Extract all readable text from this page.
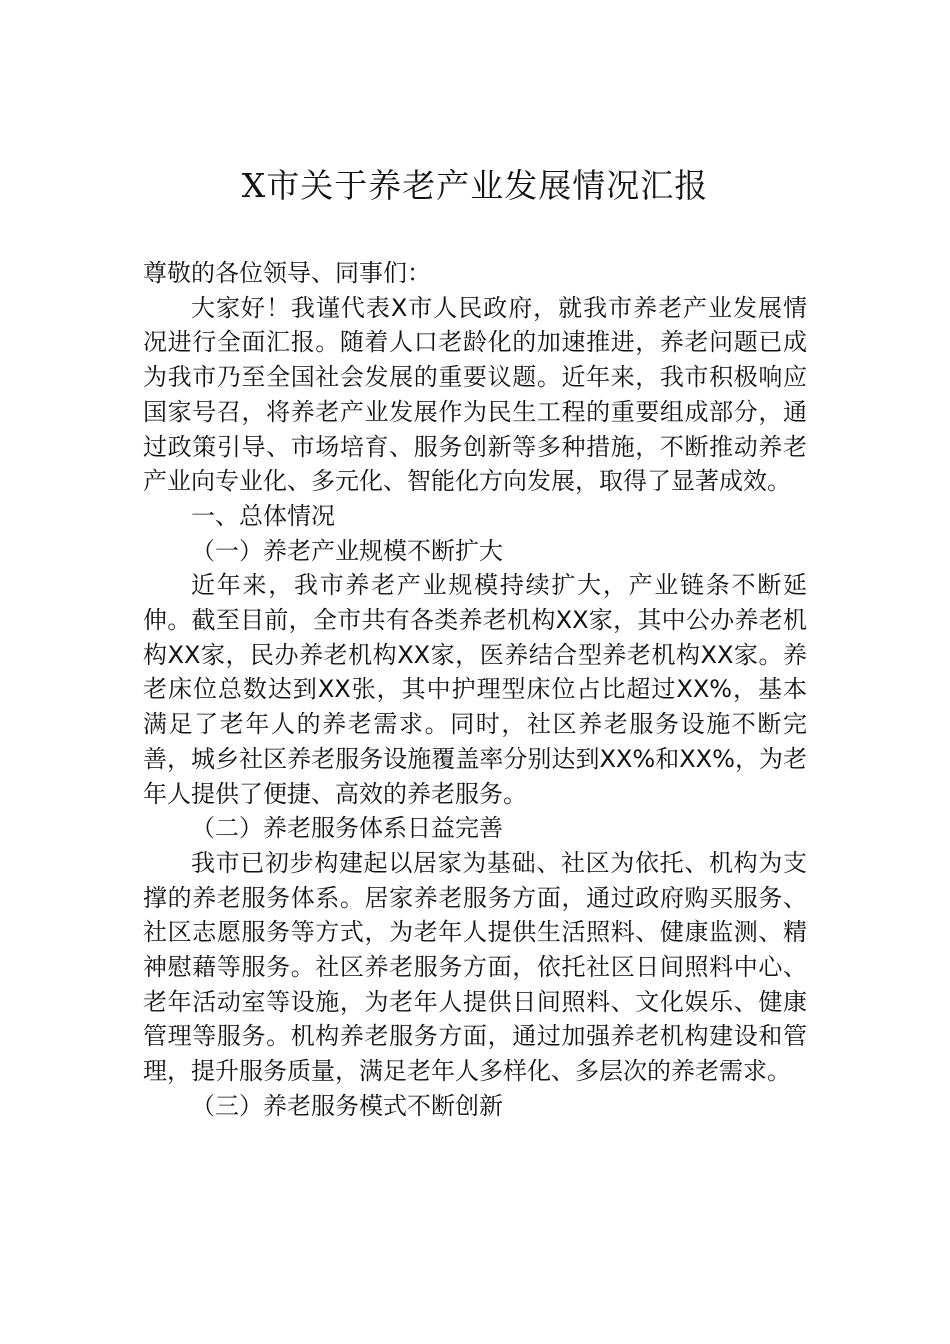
X市关于养老产业发展情况汇报

尊敬的各位领导、同事们：

大家好！我谨代表X市人民政府，就我市养老产业发展情况进行全面汇报。随着人口老龄化的加速推进，养老问题已成为我市乃至全国社会发展的重要议题。近年来，我市积极响应国家号召，将养老产业发展作为民生工程的重要组成部分，通过政策引导、市场培育、服务创新等多种措施，不断推动养老产业向专业化、多元化、智能化方向发展，取得了显著成效。

一、总体情况

（一）养老产业规模不断扩大

近年来，我市养老产业规模持续扩大，产业链条不断延伸。截至目前，全市共有各类养老机构XX家，其中公办养老机构XX家，民办养老机构XX家，医养结合型养老机构XX家。养老床位总数达到XX张，其中护理型床位占比超过XX%，基本满足了老年人的养老需求。同时，社区养老服务设施不断完善，城乡社区养老服务设施覆盖率分别达到XX%和XX%，为老年人提供了便捷、高效的养老服务。

（二）养老服务体系日益完善

我市已初步构建起以居家为基础、社区为依托、机构为支撑的养老服务体系。居家养老服务方面，通过政府购买服务、社区志愿服务等方式，为老年人提供生活照料、健康监测、精神慰藉等服务。社区养老服务方面，依托社区日间照料中心、老年活动室等设施，为老年人提供日间照料、文化娱乐、健康管理等服务。机构养老服务方面，通过加强养老机构建设和管理，提升服务质量，满足老年人多样化、多层次的养老需求。

（三）养老服务模式不断创新
